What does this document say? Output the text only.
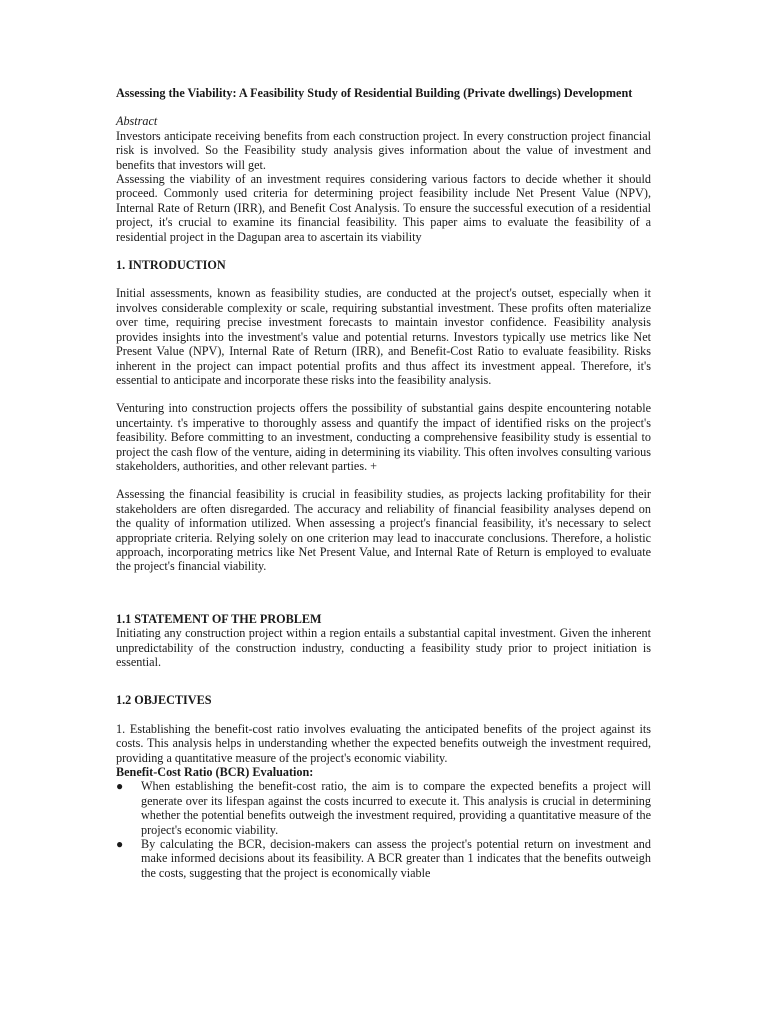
Assessing the Viability: A Feasibility Study of Residential Building (Private dwellings) Development
Abstract

Investors anticipate receiving benefits from each construction project. In every construction project financial risk is involved. So the Feasibility study analysis gives information about the value of investment and benefits that investors will get.

Assessing the viability of an investment requires considering various factors to decide whether it should proceed. Commonly used criteria for determining project feasibility include Net Present Value (NPV), Internal Rate of Return (IRR), and Benefit Cost Analysis. To ensure the successful execution of a residential project, it's crucial to examine its financial feasibility. This paper aims to evaluate the feasibility of a residential project in the Dagupan area to ascertain its viability

1. INTRODUCTION

Initial assessments, known as feasibility studies, are conducted at the project's outset, especially when it involves considerable complexity or scale, requiring substantial investment. These profits often materialize over time, requiring precise investment forecasts to maintain investor confidence. Feasibility analysis provides insights into the investment's value and potential returns. Investors typically use metrics like Net Present Value (NPV), Internal Rate of Return (IRR), and Benefit-Cost Ratio to evaluate feasibility. Risks inherent in the project can impact potential profits and thus affect its investment appeal. Therefore, it's essential to anticipate and incorporate these risks into the feasibility analysis.

Venturing into construction projects offers the possibility of substantial gains despite encountering notable uncertainty. t's imperative to thoroughly assess and quantify the impact of identified risks on the project's feasibility. Before committing to an investment, conducting a comprehensive feasibility study is essential to project the cash flow of the venture, aiding in determining its viability. This often involves consulting various stakeholders, authorities, and other relevant parties. +

Assessing the financial feasibility is crucial in feasibility studies, as projects lacking profitability for their stakeholders are often disregarded. The accuracy and reliability of financial feasibility analyses depend on the quality of information utilized. When assessing a project's financial feasibility, it's necessary to select appropriate criteria. Relying solely on one criterion may lead to inaccurate conclusions. Therefore, a holistic approach, incorporating metrics like Net Present Value, and Internal Rate of Return is employed to evaluate the project's financial viability.

1.1 STATEMENT OF THE PROBLEM

Initiating any construction project within a region entails a substantial capital investment. Given the inherent unpredictability of the construction industry, conducting a feasibility study prior to project initiation is essential.

1.2 OBJECTIVES

1. Establishing the benefit-cost ratio involves evaluating the anticipated benefits of the project against its costs. This analysis helps in understanding whether the expected benefits outweigh the investment required, providing a quantitative measure of the project's economic viability.

Benefit-Cost Ratio (BCR) Evaluation:
● When establishing the benefit-cost ratio, the aim is to compare the expected benefits a project will generate over its lifespan against the costs incurred to execute it. This analysis is crucial in determining whether the potential benefits outweigh the investment required, providing a quantitative measure of the project's economic viability.
● By calculating the BCR, decision-makers can assess the project's potential return on investment and make informed decisions about its feasibility. A BCR greater than 1 indicates that the benefits outweigh the costs, suggesting that the project is economically viable
